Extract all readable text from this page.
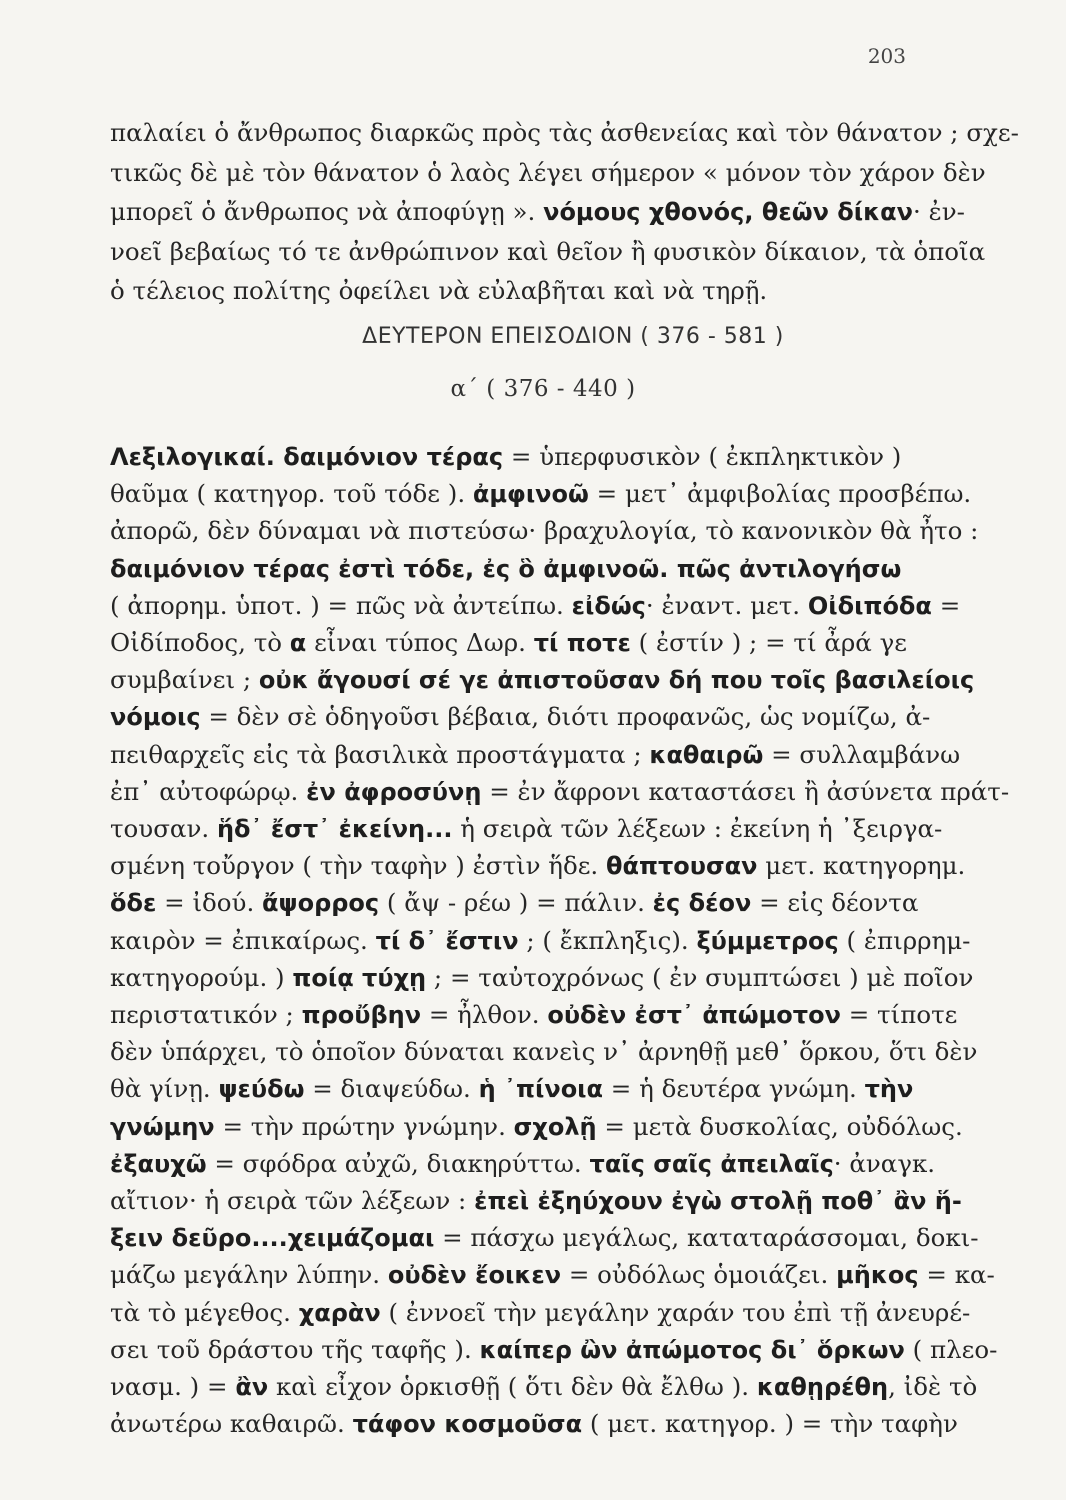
203
παλαίει ὁ ἄνθρωπος διαρκῶς πρὸς τὰς ἀσθενείας καὶ τὸν θάνατον ; σχε-
τικῶς δὲ μὲ τὸν θάνατον ὁ λαὸς λέγει σήμερον « μόνον τὸν χάρον δὲν
μπορεῖ ὁ ἄνθρωπος νὰ ἀποφύγῃ ». νόμους χθονός, θεῶν δίκαν· ἐν-
νοεῖ βεβαίως τό τε ἀνθρώπινον καὶ θεῖον ἢ φυσικὸν δίκαιον, τὰ ὁποῖα
ὁ τέλειος πολίτης ὀφείλει νὰ εὐλαβῆται καὶ νὰ τηρῇ.
ΔΕΥΤΕΡΟΝ ΕΠΕΙΣΟΔΙΟΝ ( 376 - 581 )
α΄ ( 376 - 440 )
Λεξιλογικαί. δαιμόνιον τέρας = ὑπερφυσικὸν ( ἐκπληκτικὸν )
θαῦμα ( κατηγορ. τοῦ τόδε ). ἀμφινοῶ = μετ᾽ ἀμφιβολίας προσβέπω.
ἀπορῶ, δὲν δύναμαι νὰ πιστεύσω· βραχυλογία, τὸ κανονικὸν θὰ ἦτο :
δαιμόνιον τέρας ἐστὶ τόδε, ἐς ὃ ἀμφινοῶ. πῶς ἀντιλογήσω
( ἀπορημ. ὑποτ. ) = πῶς νὰ ἀντείπω. εἰδώς· ἐναντ. μετ. Οἰδιπόδα =
Οἰδίποδος, τὸ α εἶναι τύπος Δωρ. τί ποτε ( ἐστίν ) ; = τί ἆρά γε
συμβαίνει ; οὐκ ἄγουσί σέ γε ἀπιστοῦσαν δή που τοῖς βασιλείοις
νόμοις = δὲν σὲ ὁδηγοῦσι βέβαια, διότι προφανῶς, ὡς νομίζω, ἀ-
πειθαρχεῖς εἰς τὰ βασιλικὰ προστάγματα ; καθαιρῶ = συλλαμβάνω
ἐπ᾽ αὐτοφώρῳ. ἐν ἀφροσύνῃ = ἐν ἄφρονι καταστάσει ἢ ἀσύνετα πράτ-
τουσαν. ἥδ᾽ ἔστ᾽ ἐκείνη... ἡ σειρὰ τῶν λέξεων : ἐκείνη ἡ ᾽ξειργα-
σμένη τοὔργον ( τὴν ταφὴν ) ἐστὶν ἥδε. θάπτουσαν μετ. κατηγορημ.
ὅδε = ἰδού. ἄψορρος ( ἄψ - ρέω ) = πάλιν. ἐς δέον = εἰς δέοντα
καιρὸν = ἐπικαίρως. τί δ᾽ ἔστιν ; ( ἔκπληξις). ξύμμετρος ( ἐπιρρημ-
κατηγορούμ. ) ποίᾳ τύχῃ ; = ταὐτοχρόνως ( ἐν συμπτώσει ) μὲ ποῖον
περιστατικόν ; προὔβην = ἦλθον. οὐδὲν ἐστ᾽ ἀπώμοτον = τίποτε
δὲν ὑπάρχει, τὸ ὁποῖον δύναται κανεὶς ν᾽ ἀρνηθῇ μεθ᾽ ὅρκου, ὅτι δὲν
θὰ γίνῃ. ψεύδω = διαψεύδω. ἡ ᾽πίνοια = ἡ δευτέρα γνώμη. τὴν
γνώμην = τὴν πρώτην γνώμην. σχολῇ = μετὰ δυσκολίας, οὐδόλως.
ἐξαυχῶ = σφόδρα αὐχῶ, διακηρύττω. ταῖς σαῖς ἀπειλαῖς· ἀναγκ.
αἴτιον· ἡ σειρὰ τῶν λέξεων : ἐπεὶ ἐξηύχουν ἐγὼ στολῇ ποθ᾽ ἂν ἥ-
ξειν δεῦρο....χειμάζομαι = πάσχω μεγάλως, καταταράσσομαι, δοκι-
μάζω μεγάλην λύπην. οὐδὲν ἔοικεν = οὐδόλως ὁμοιάζει. μῆκος = κα-
τὰ τὸ μέγεθος. χαρὰν ( ἐννοεῖ τὴν μεγάλην χαράν του ἐπὶ τῇ ἀνευρέ-
σει τοῦ δράστου τῆς ταφῆς ). καίπερ ὢν ἀπώμοτος δι᾽ ὅρκων ( πλεο-
νασμ. ) = ἂν καὶ εἶχον ὁρκισθῇ ( ὅτι δὲν θὰ ἔλθω ). καθῃρέθη, ἰδὲ τὸ
ἀνωτέρω καθαιρῶ. τάφον κοσμοῦσα ( μετ. κατηγορ. ) = τὴν ταφὴν
